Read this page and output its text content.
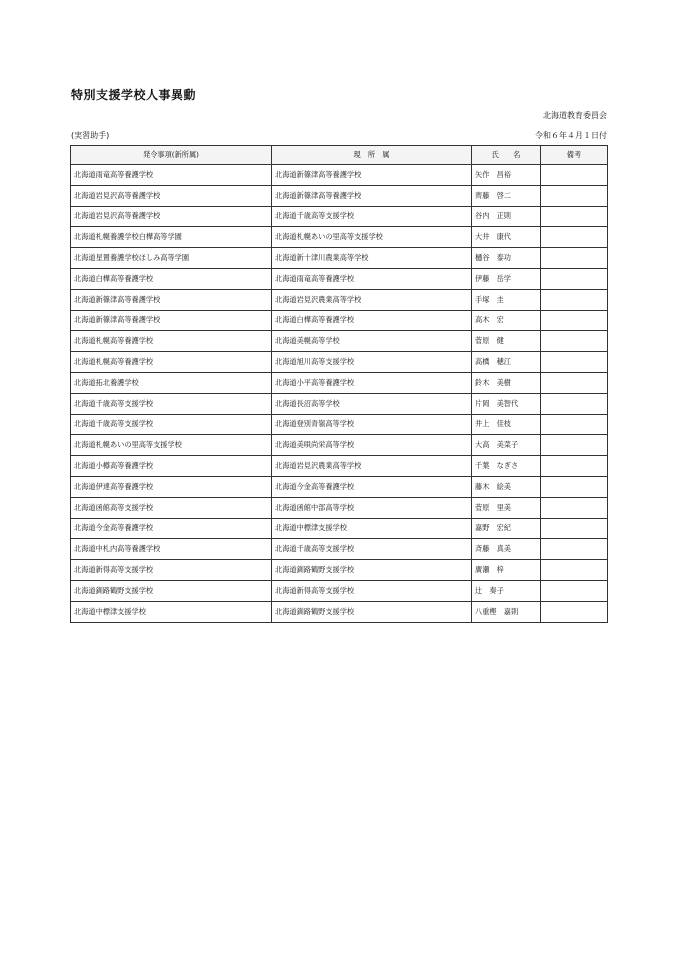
特別支援学校人事異動
北海道教育委員会
(実習助手)	令和６年４月１日付
発令事項(新所属)	現　所　属	氏　　名	備考
北海道雨竜高等養護学校	北海道新篠津高等養護学校	矢作　昌裕	
北海道岩見沢高等養護学校	北海道新篠津高等養護学校	齊藤　啓二	
北海道岩見沢高等養護学校	北海道千歳高等支援学校	谷内　正則	
北海道札幌養護学校白樺高等学園	北海道札幌あいの里高等支援学校	大井　康代	
北海道星置養護学校ほしみ高等学園	北海道新十津川農業高等学校	樋谷　泰功	
北海道白樺高等養護学校	北海道雨竜高等養護学校	伊藤　岳学	
北海道新篠津高等養護学校	北海道岩見沢農業高等学校	手塚　圭	
北海道新篠津高等養護学校	北海道白樺高等養護学校	高木　宏	
北海道札幌高等養護学校	北海道美幌高等学校	菅原　健	
北海道札幌高等養護学校	北海道旭川高等支援学校	高橋　穂江	
北海道拓北養護学校	北海道小平高等養護学校	鈴木　美樹	
北海道千歳高等支援学校	北海道長沼高等学校	片岡　美智代	
北海道千歳高等支援学校	北海道登別青嶺高等学校	井上　佳枝	
北海道札幌あいの里高等支援学校	北海道美唄尚栄高等学校	大高　美菜子	
北海道小樽高等養護学校	北海道岩見沢農業高等学校	千葉　なぎさ	
北海道伊達高等養護学校	北海道今金高等養護学校	藤木　絵美	
北海道函館高等支援学校	北海道函館中部高等学校	菅原　里美	
北海道今金高等養護学校	北海道中標津支援学校	嘉野　宏紀	
北海道中札内高等養護学校	北海道千歳高等支援学校	斉藤　真美	
北海道新得高等支援学校	北海道釧路鶴野支援学校	廣瀬　梓	
北海道釧路鶴野支援学校	北海道新得高等支援学校	辻　奏子	
北海道中標津支援学校	北海道釧路鶴野支援学校	八重樫　嘉則	
